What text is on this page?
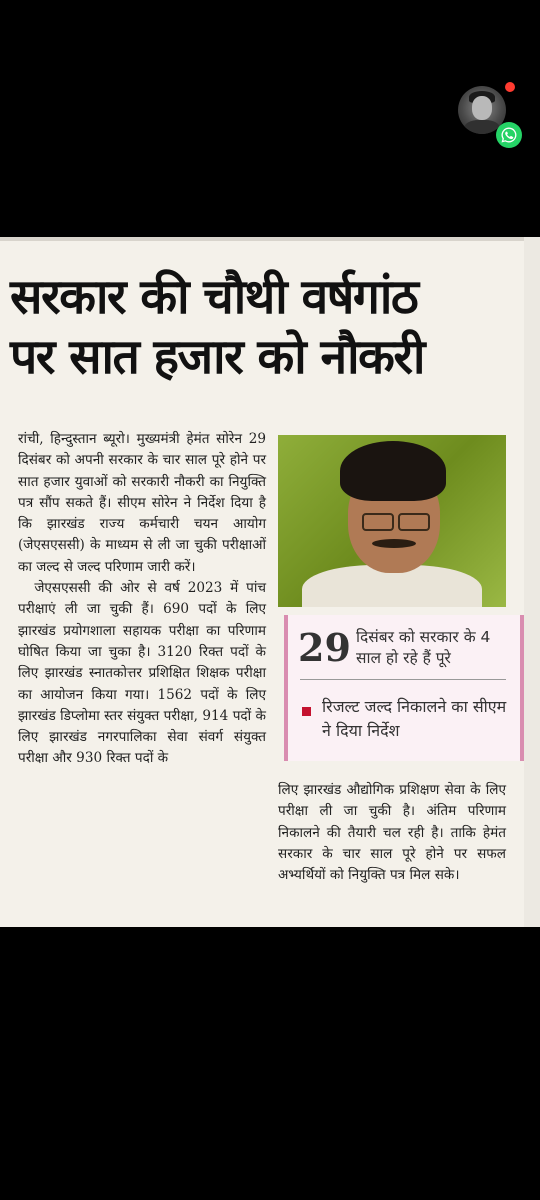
सरकार की चौथी वर्षगांठ
पर सात हजार को नौकरी

रांची, हिन्दुस्तान ब्यूरो। मुख्यमंत्री हेमंत सोरेन 29 दिसंबर को अपनी सरकार के चार साल पूरे होने पर सात हजार युवाओं को सरकारी नौकरी का नियुक्ति पत्र सौंप सकते हैं। सीएम सोरेन ने निर्देश दिया है कि झारखंड राज्य कर्मचारी चयन आयोग (जेएसएससी) के माध्यम से ली जा चुकी परीक्षाओं का जल्द से जल्द परिणाम जारी करें।

जेएसएससी की ओर से वर्ष 2023 में पांच परीक्षाएं ली जा चुकी हैं। 690 पदों के लिए झारखंड प्रयोगशाला सहायक परीक्षा का परिणाम घोषित किया जा चुका है। 3120 रिक्त पदों के लिए झारखंड स्नातकोत्तर प्रशिक्षित शिक्षक परीक्षा का आयोजन किया गया। 1562 पदों के लिए झारखंड डिप्लोमा स्तर संयुक्त परीक्षा, 914 पदों के लिए झारखंड नगरपालिका सेवा संवर्ग संयुक्त परीक्षा और 930 रिक्त पदों के

29 दिसंबर को सरकार के 4 साल हो रहे हैं पूरे
रिजल्ट जल्द निकालने का सीएम ने दिया निर्देश

लिए झारखंड औद्योगिक प्रशिक्षण सेवा के लिए परीक्षा ली जा चुकी है। अंतिम परिणाम निकालने की तैयारी चल रही है। ताकि हेमंत सरकार के चार साल पूरे होने पर सफल अभ्यर्थियों को नियुक्ति पत्र मिल सके।
